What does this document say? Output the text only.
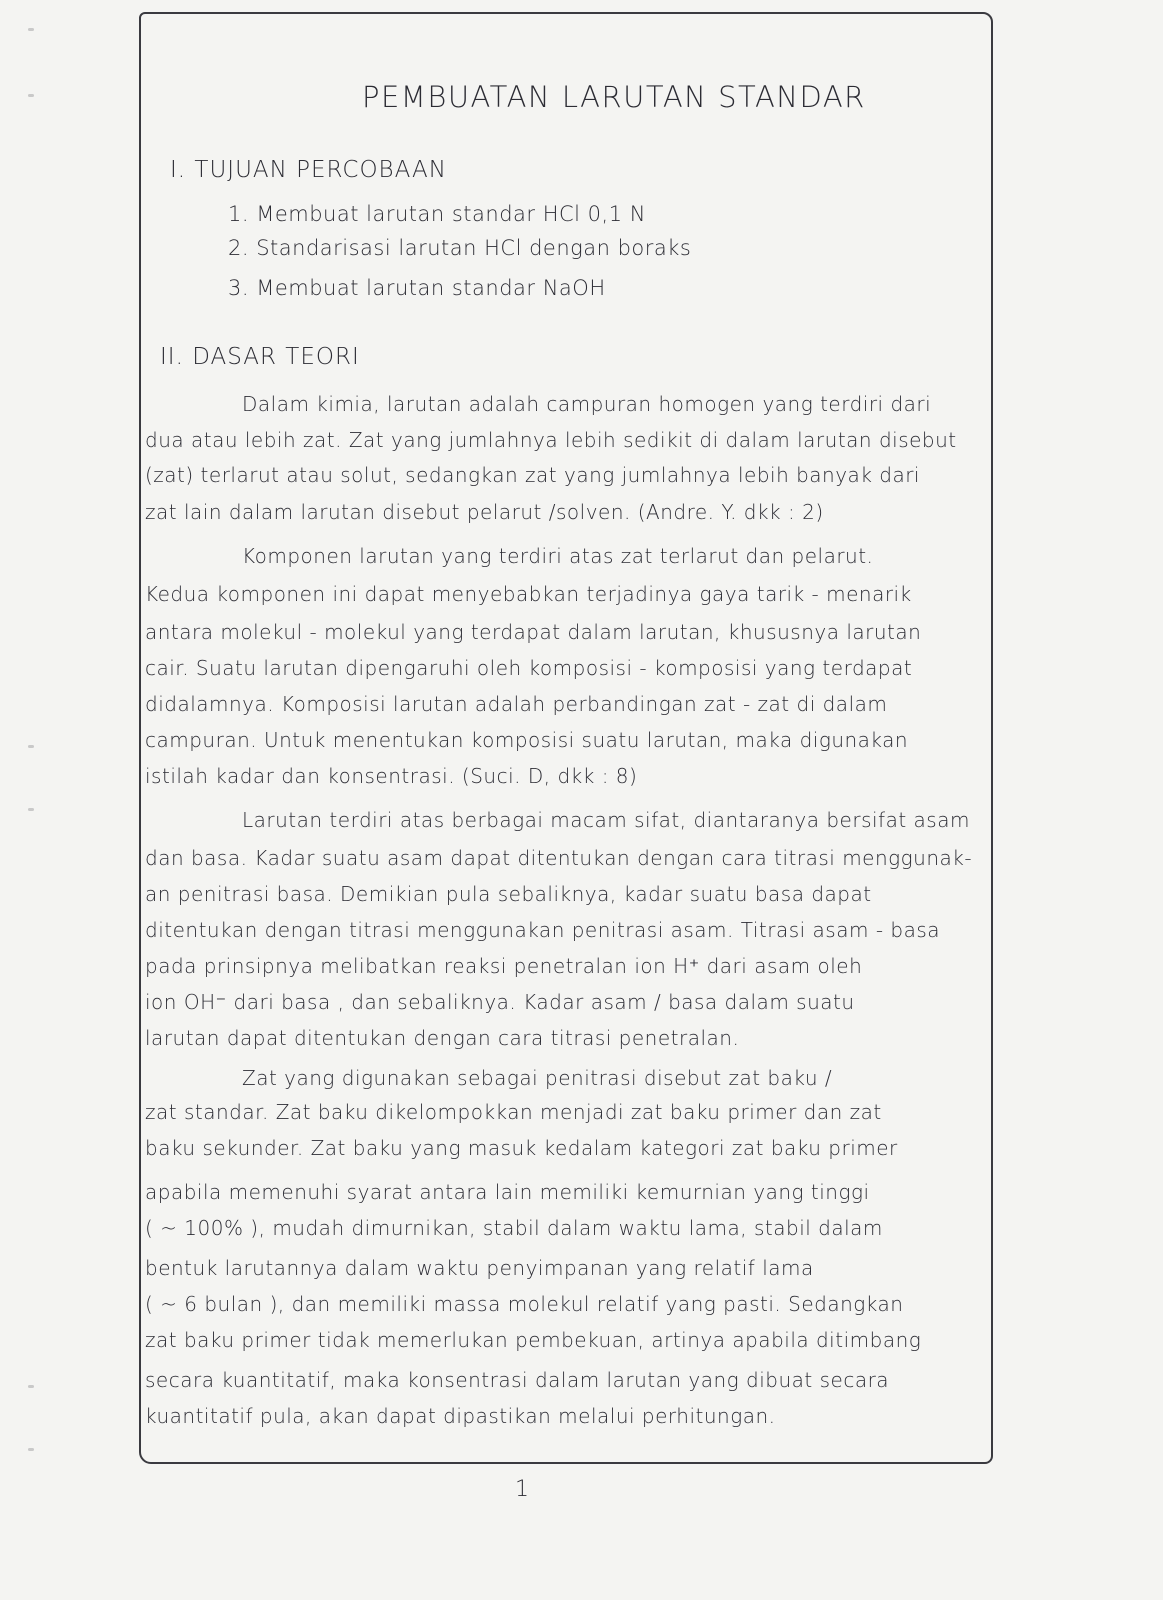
PEMBUATAN LARUTAN STANDAR
I. TUJUAN PERCOBAAN
1. Membuat larutan standar HCl 0,1 N
2. Standarisasi larutan HCl dengan boraks
3. Membuat larutan standar NaOH
II. DASAR TEORI
Dalam kimia, larutan adalah campuran homogen yang terdiri dari
dua atau lebih zat. Zat yang jumlahnya lebih sedikit di dalam larutan disebut
(zat) terlarut atau solut, sedangkan zat yang jumlahnya lebih banyak dari
zat lain dalam larutan disebut pelarut /solven. (Andre. Y. dkk : 2)
Komponen larutan yang terdiri atas zat terlarut dan pelarut.
Kedua komponen ini dapat menyebabkan terjadinya gaya tarik - menarik
antara molekul - molekul yang terdapat dalam larutan, khususnya larutan
cair. Suatu larutan dipengaruhi oleh komposisi - komposisi yang terdapat
didalamnya. Komposisi larutan adalah perbandingan zat - zat di dalam
campuran. Untuk menentukan komposisi suatu larutan, maka digunakan
istilah kadar dan konsentrasi. (Suci. D, dkk : 8)
Larutan terdiri atas berbagai macam sifat, diantaranya bersifat asam
dan basa. Kadar suatu asam dapat ditentukan dengan cara titrasi menggunak-
an penitrasi basa. Demikian pula sebaliknya, kadar suatu basa dapat
ditentukan dengan titrasi menggunakan penitrasi asam. Titrasi asam - basa
pada prinsipnya melibatkan reaksi penetralan ion H⁺ dari asam oleh
ion OH⁻ dari basa , dan sebaliknya. Kadar asam / basa dalam suatu
larutan dapat ditentukan dengan cara titrasi penetralan.
Zat yang digunakan sebagai penitrasi disebut zat baku /
zat standar. Zat baku dikelompokkan menjadi zat baku primer dan zat
baku sekunder. Zat baku yang masuk kedalam kategori zat baku primer
apabila memenuhi syarat antara lain memiliki kemurnian yang tinggi
( ~ 100% ), mudah dimurnikan, stabil dalam waktu lama, stabil dalam
bentuk larutannya dalam waktu penyimpanan yang relatif lama
( ~ 6 bulan ), dan memiliki massa molekul relatif yang pasti. Sedangkan
zat baku primer tidak memerlukan pembekuan, artinya apabila ditimbang
secara kuantitatif, maka konsentrasi dalam larutan yang dibuat secara
kuantitatif pula, akan dapat dipastikan melalui perhitungan.
1
